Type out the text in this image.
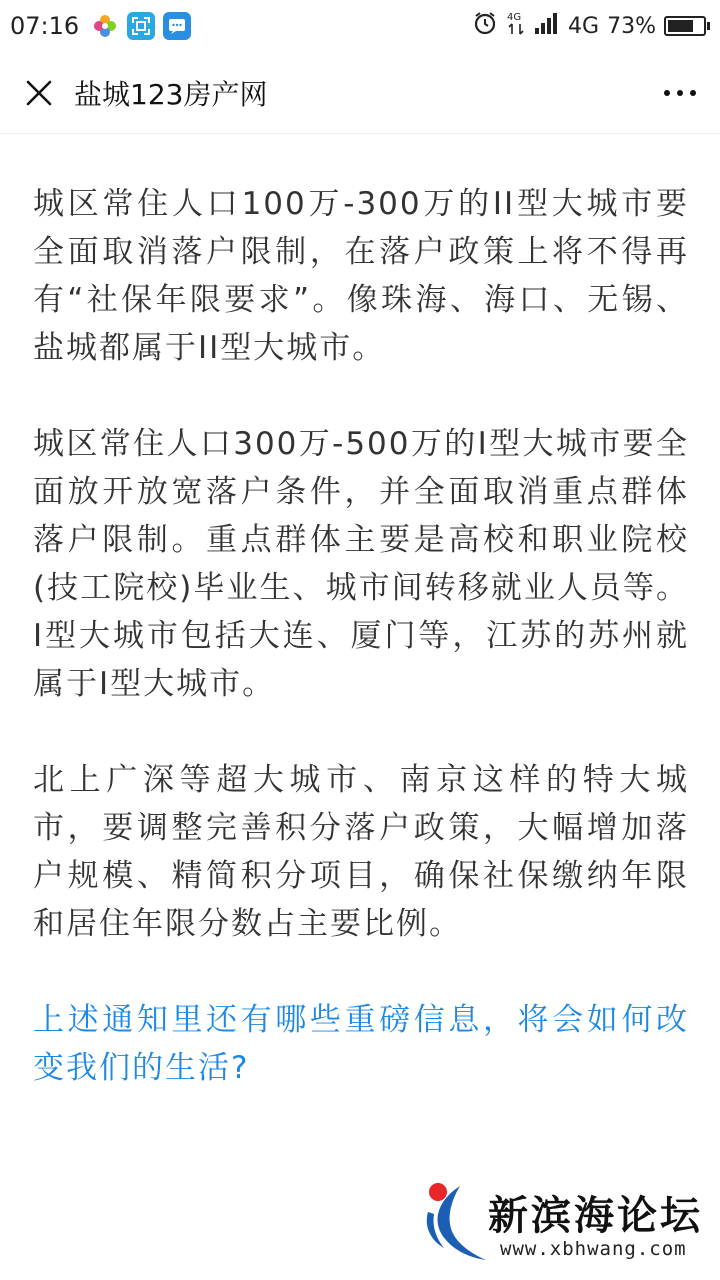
07:16	4G 4G 73%
盐城123房产网

城区常住人口100万-300万的II型大城市要全面取消落户限制，在落户政策上将不得再有“社保年限要求”。像珠海、海口、无锡、盐城都属于II型大城市。

城区常住人口300万-500万的I型大城市要全面放开放宽落户条件，并全面取消重点群体落户限制。重点群体主要是高校和职业院校(技工院校)毕业生、城市间转移就业人员等。I型大城市包括大连、厦门等，江苏的苏州就属于I型大城市。

北上广深等超大城市、南京这样的特大城市，要调整完善积分落户政策，大幅增加落户规模、精简积分项目，确保社保缴纳年限和居住年限分数占主要比例。

上述通知里还有哪些重磅信息，将会如何改变我们的生活?

新滨海论坛
www.xbhwang.com
